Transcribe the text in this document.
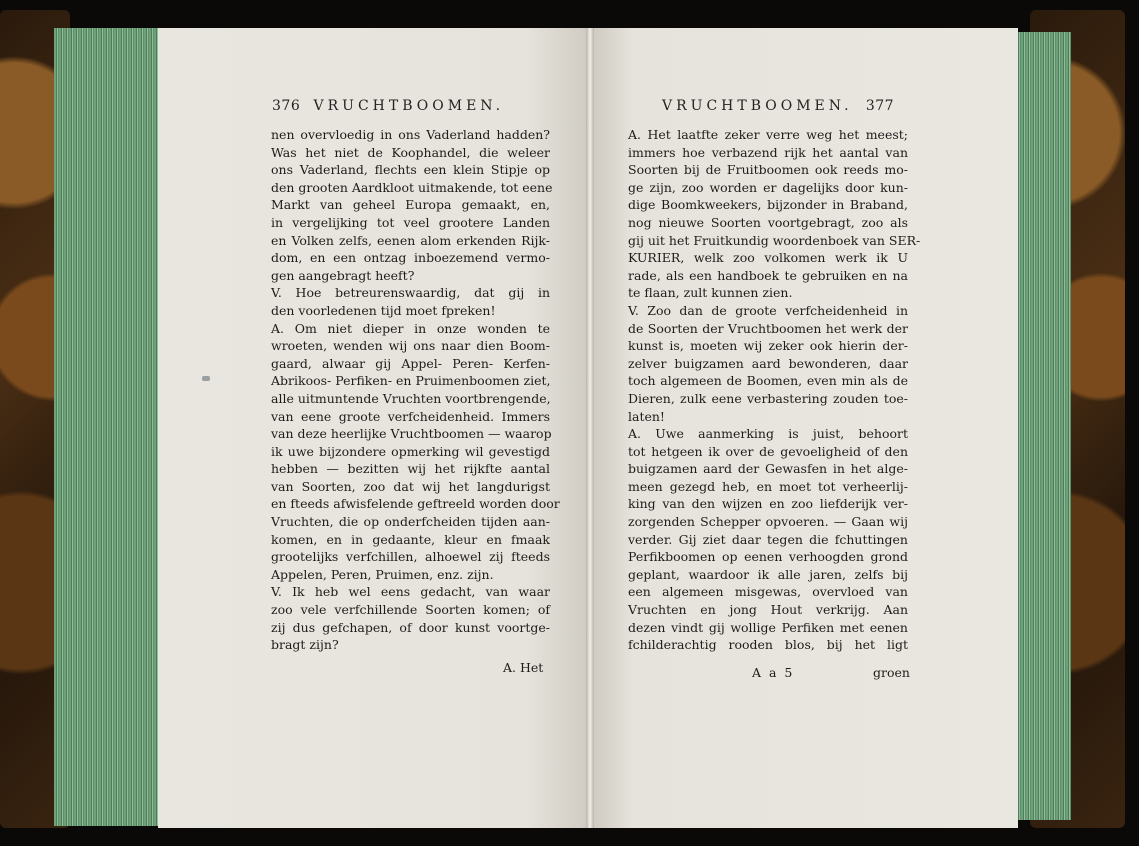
376 VRUCHTBOOMEN.	VRUCHTBOOMEN. 377
nen overvloedig in ons Vaderland hadden?
Was het niet de Koophandel, die weleer
ons Vaderland, flechts een klein Stipje op
den grooten Aardkloot uitmakende, tot eene
Markt van geheel Europa gemaakt, en,
in vergelijking tot veel grootere Landen
en Volken zelfs, eenen alom erkenden Rijk-
dom, en een ontzag inboezemend vermo-
gen aangebragt heeft?
V. Hoe betreurenswaardig, dat gij in
den voorledenen tijd moet fpreken!
A. Om niet dieper in onze wonden te
wroeten, wenden wij ons naar dien Boom-
gaard, alwaar gij Appel- Peren- Kerfen-
Abrikoos- Perfiken- en Pruimenboomen ziet,
alle uitmuntende Vruchten voortbrengende,
van eene groote verfcheidenheid. Immers
van deze heerlijke Vruchtboomen — waarop
ik uwe bijzondere opmerking wil gevestigd
hebben — bezitten wij het rijkfte aantal
van Soorten, zoo dat wij het langdurigst
en fteeds afwisfelende geftreeld worden door
Vruchten, die op onderfcheiden tijden aan-
komen, en in gedaante, kleur en fmaak
grootelijks verfchillen, alhoewel zij fteeds
Appelen, Peren, Pruimen, enz. zijn.
V. Ik heb wel eens gedacht, van waar
zoo vele verfchillende Soorten komen; of
zij dus gefchapen, of door kunst voortge-
bragt zijn?
A. Het
A. Het laatfte zeker verre weg het meest;
immers hoe verbazend rijk het aantal van
Soorten bij de Fruitboomen ook reeds mo-
ge zijn, zoo worden er dagelijks door kun-
dige Boomkweekers, bijzonder in Braband,
nog nieuwe Soorten voortgebragt, zoo als
gij uit het Fruitkundig woordenboek van SER-
KURIER, welk zoo volkomen werk ik U
rade, als een handboek te gebruiken en na
te flaan, zult kunnen zien.
V. Zoo dan de groote verfcheidenheid in
de Soorten der Vruchtboomen het werk der
kunst is, moeten wij zeker ook hierin der-
zelver buigzamen aard bewonderen, daar
toch algemeen de Boomen, even min als de
Dieren, zulk eene verbastering zouden toe-
laten!
A. Uwe aanmerking is juist, behoort
tot hetgeen ik over de gevoeligheid of den
buigzamen aard der Gewasfen in het alge-
meen gezegd heb, en moet tot verheerlij-
king van den wijzen en zoo liefderijk ver-
zorgenden Schepper opvoeren. — Gaan wij
verder. Gij ziet daar tegen die fchuttingen
Perfikboomen op eenen verhoogden grond
geplant, waardoor ik alle jaren, zelfs bij
een algemeen misgewas, overvloed van
Vruchten en jong Hout verkrijg. Aan
dezen vindt gij wollige Perfiken met eenen
fchilderachtig rooden blos, bij het ligt
A a 5	groen
